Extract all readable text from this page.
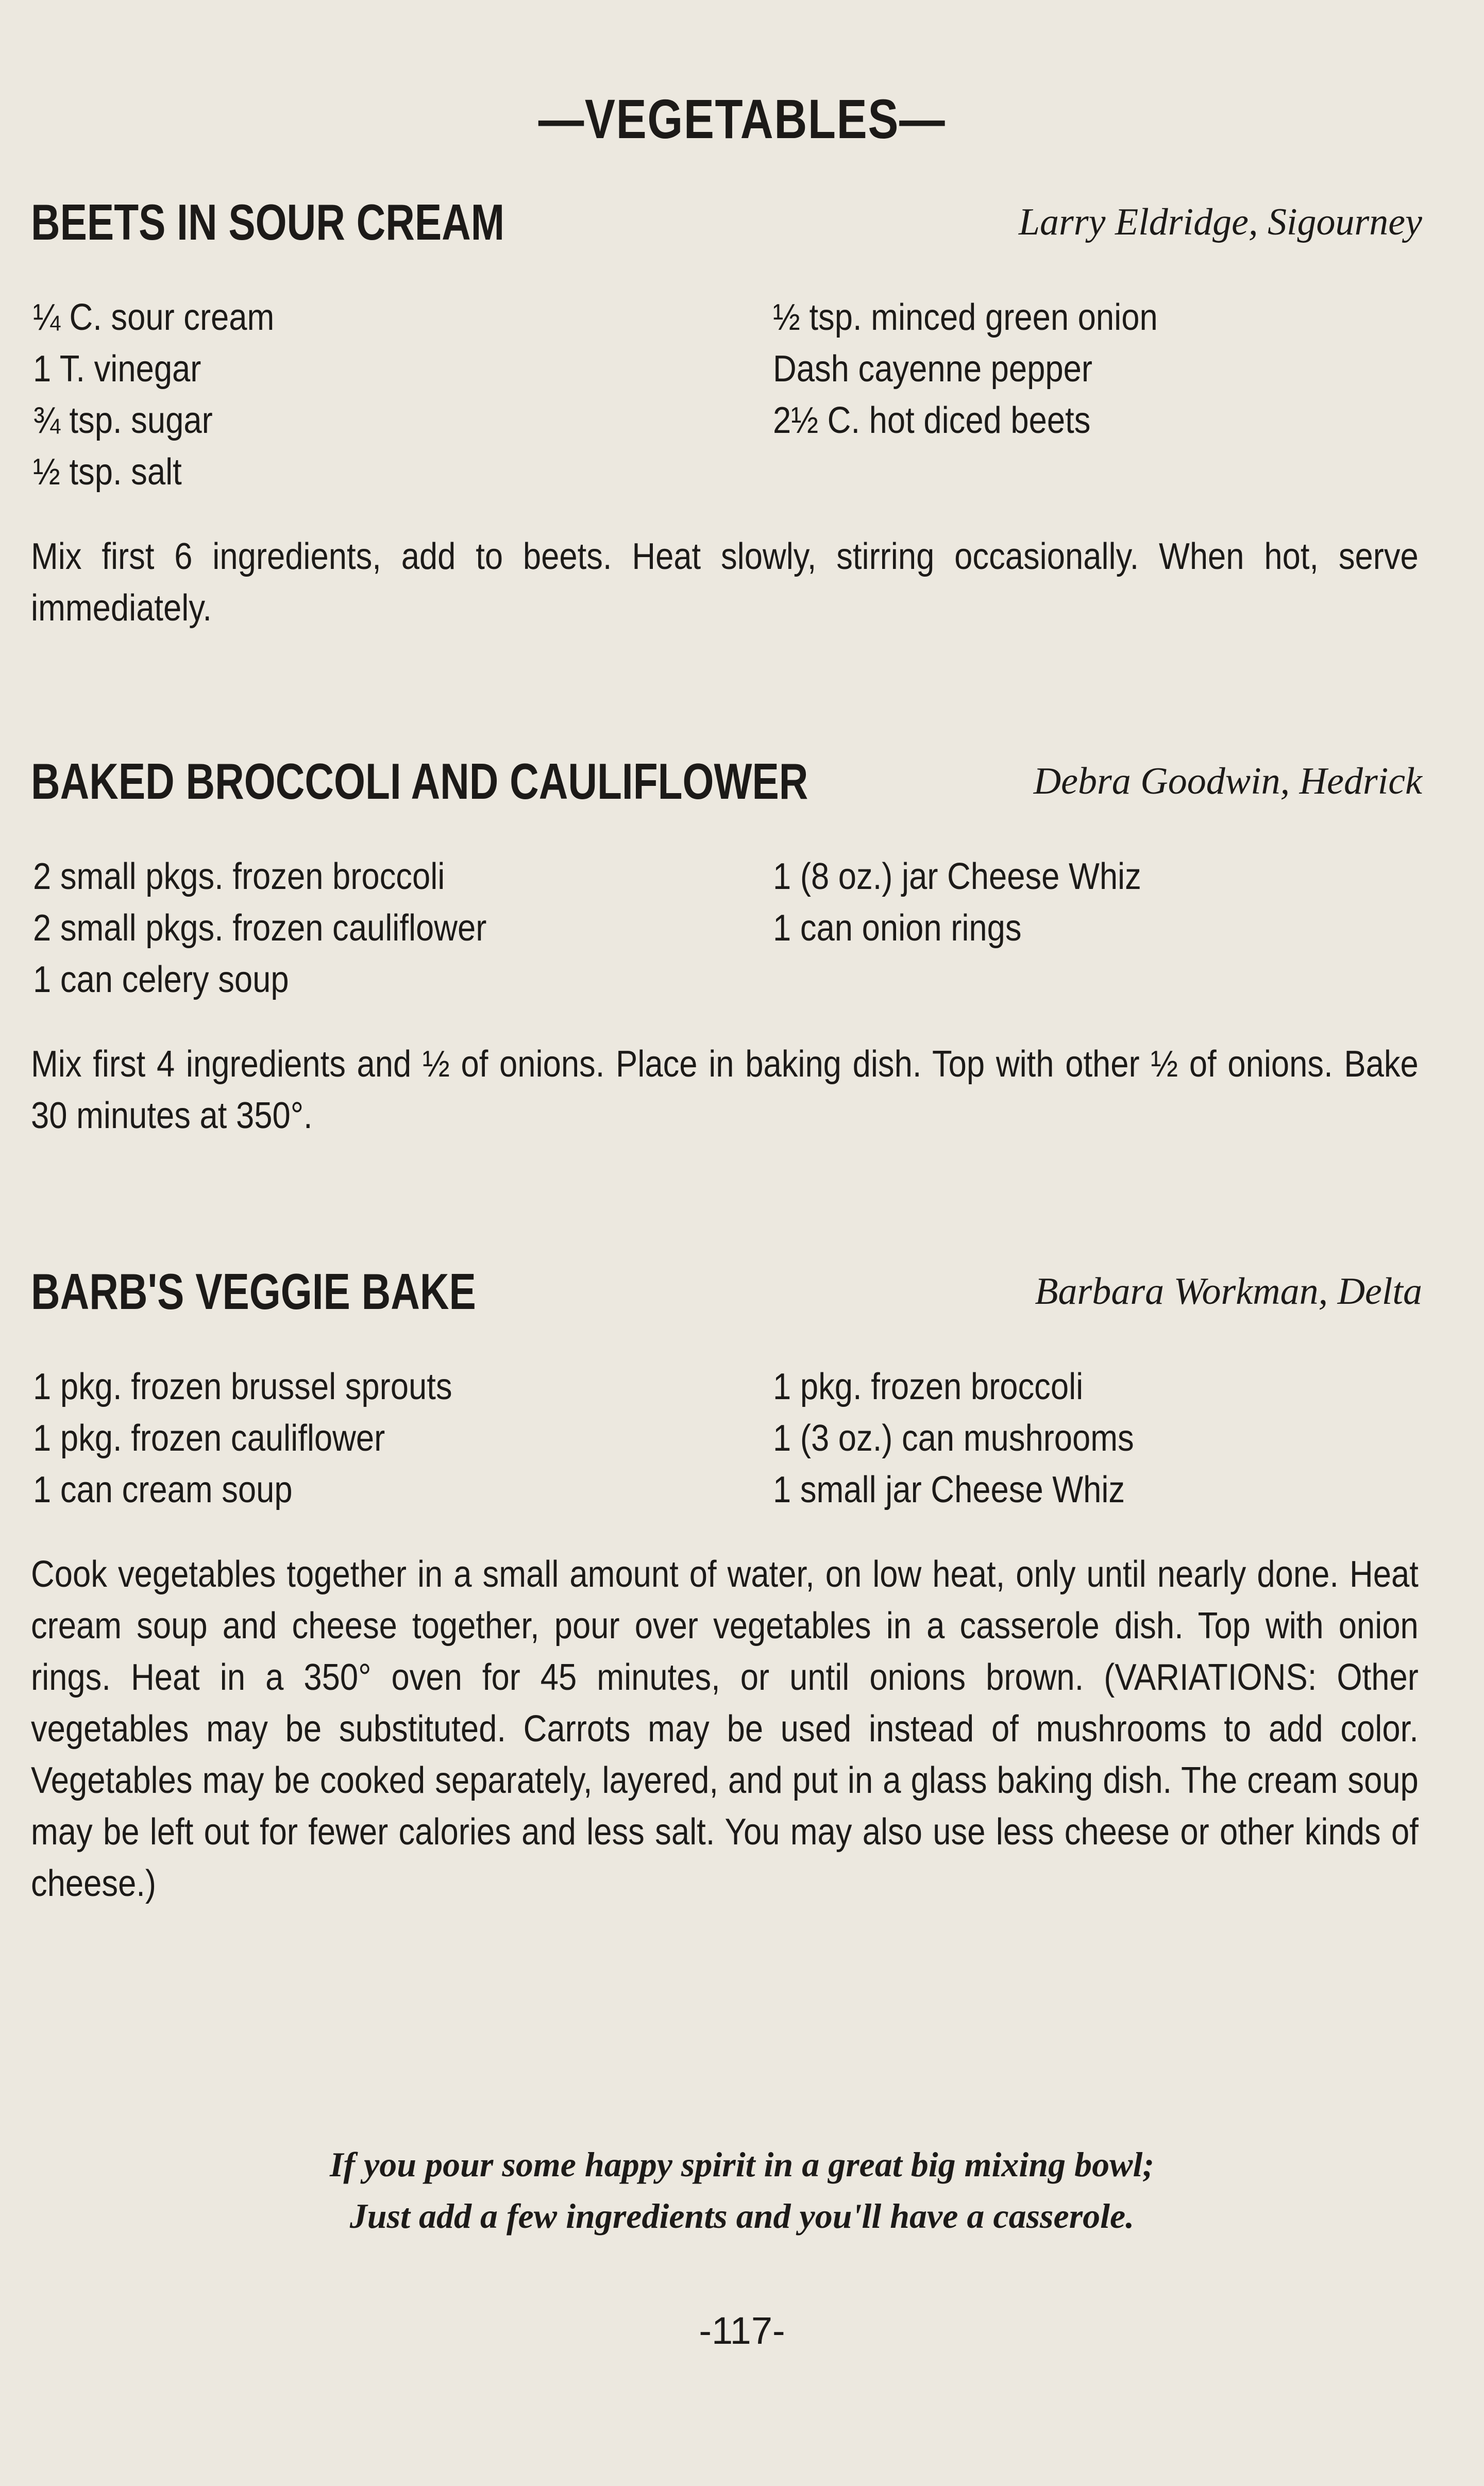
—VEGETABLES—
BEETS IN SOUR CREAM	Larry Eldridge, Sigourney
¼ C. sour cream	½ tsp. minced green onion
1 T. vinegar	Dash cayenne pepper
¾ tsp. sugar	2½ C. hot diced beets
½ tsp. salt
Mix first 6 ingredients, add to beets. Heat slowly, stirring occasionally. When hot, serve immediately.
BAKED BROCCOLI AND CAULIFLOWER	Debra Goodwin, Hedrick
2 small pkgs. frozen broccoli	1 (8 oz.) jar Cheese Whiz
2 small pkgs. frozen cauliflower	1 can onion rings
1 can celery soup
Mix first 4 ingredients and ½ of onions. Place in baking dish. Top with other ½ of onions. Bake 30 minutes at 350°.
BARB'S VEGGIE BAKE	Barbara Workman, Delta
1 pkg. frozen brussel sprouts	1 pkg. frozen broccoli
1 pkg. frozen cauliflower	1 (3 oz.) can mushrooms
1 can cream soup	1 small jar Cheese Whiz
Cook vegetables together in a small amount of water, on low heat, only until nearly done. Heat cream soup and cheese together, pour over vegetables in a casserole dish. Top with onion rings. Heat in a 350° oven for 45 minutes, or until onions brown. (VARIATIONS: Other vegetables may be substituted. Carrots may be used instead of mushrooms to add color. Vegetables may be cooked separately, layered, and put in a glass baking dish. The cream soup may be left out for fewer calories and less salt. You may also use less cheese or other kinds of cheese.)
If you pour some happy spirit in a great big mixing bowl;
Just add a few ingredients and you'll have a casserole.
-117-
